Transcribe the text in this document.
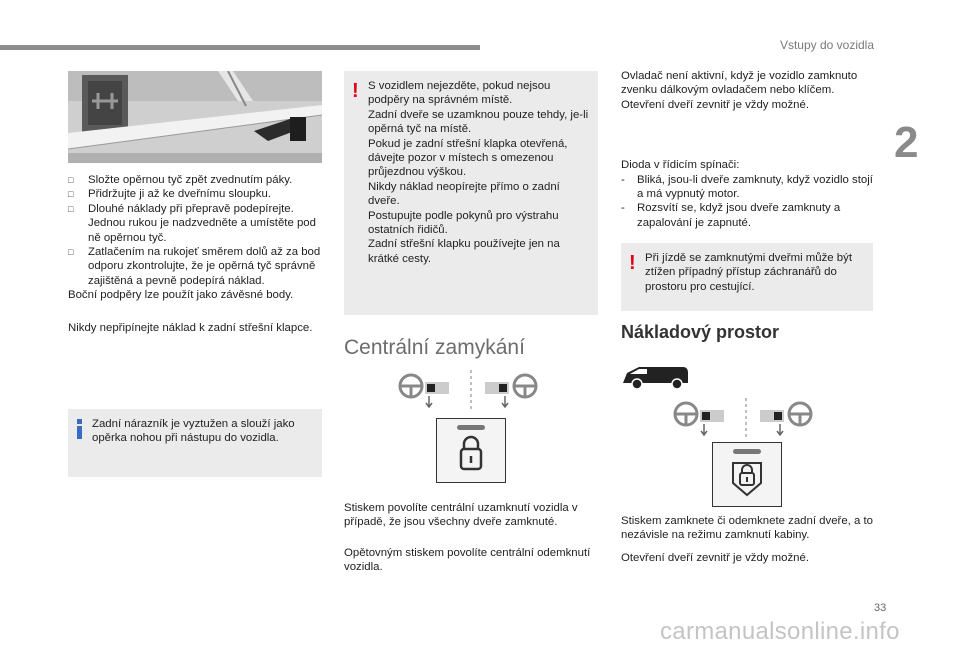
Vstupy do vozidla
2
□ Složte opěrnou tyč zpět zvednutím páky.
□ Přidržujte ji až ke dveřnímu sloupku.
□ Dlouhé náklady při přepravě podepírejte. Jednou rukou je nadzvedněte a umístěte pod ně opěrnou tyč.
□ Zatlačením na rukojeť směrem dolů až za bod odporu zkontrolujte, že je opěrná tyč správně zajištěná a pevně podepírá náklad.

Boční podpěry lze použít jako závěsné body.

Nikdy nepřipínejte náklad k zadní střešní klapce.

Zadní nárazník je vyztužen a slouží jako opěrka nohou při nástupu do vozidla.
! S vozidlem nejezděte, pokud nejsou podpěry na správném místě.
Zadní dveře se uzamknou pouze tehdy, je-li opěrná tyč na místě.
Pokud je zadní střešní klapka otevřená, dávejte pozor v místech s omezenou průjezdnou výškou.
Nikdy náklad neopírejte přímo o zadní dveře.
Postupujte podle pokynů pro výstrahu ostatních řidičů.
Zadní střešní klapku používejte jen na krátké cesty.
Centrální zamykání

Stiskem povolíte centrální uzamknutí vozidla v případě, že jsou všechny dveře zamknuté.

Opětovným stiskem povolíte centrální odemknutí vozidla.

Ovladač není aktivní, když je vozidlo zamknuto zvenku dálkovým ovladačem nebo klíčem.
Otevření dveří zevnitř je vždy možné.

Dioda v řídicím spínači:

- Bliká, jsou-li dveře zamknuty, když vozidlo stojí a má vypnutý motor.
- Rozsvítí se, když jsou dveře zamknuty a zapalování je zapnuté.
! Při jízdě se zamknutými dveřmi může být ztížen případný přístup záchranářů do prostoru pro cestující.
Nákladový prostor

Stiskem zamknete či odemknete zadní dveře, a to nezávisle na režimu zamknutí kabiny.

Otevření dveří zevnitř je vždy možné.

33
carmanualsonline.info
